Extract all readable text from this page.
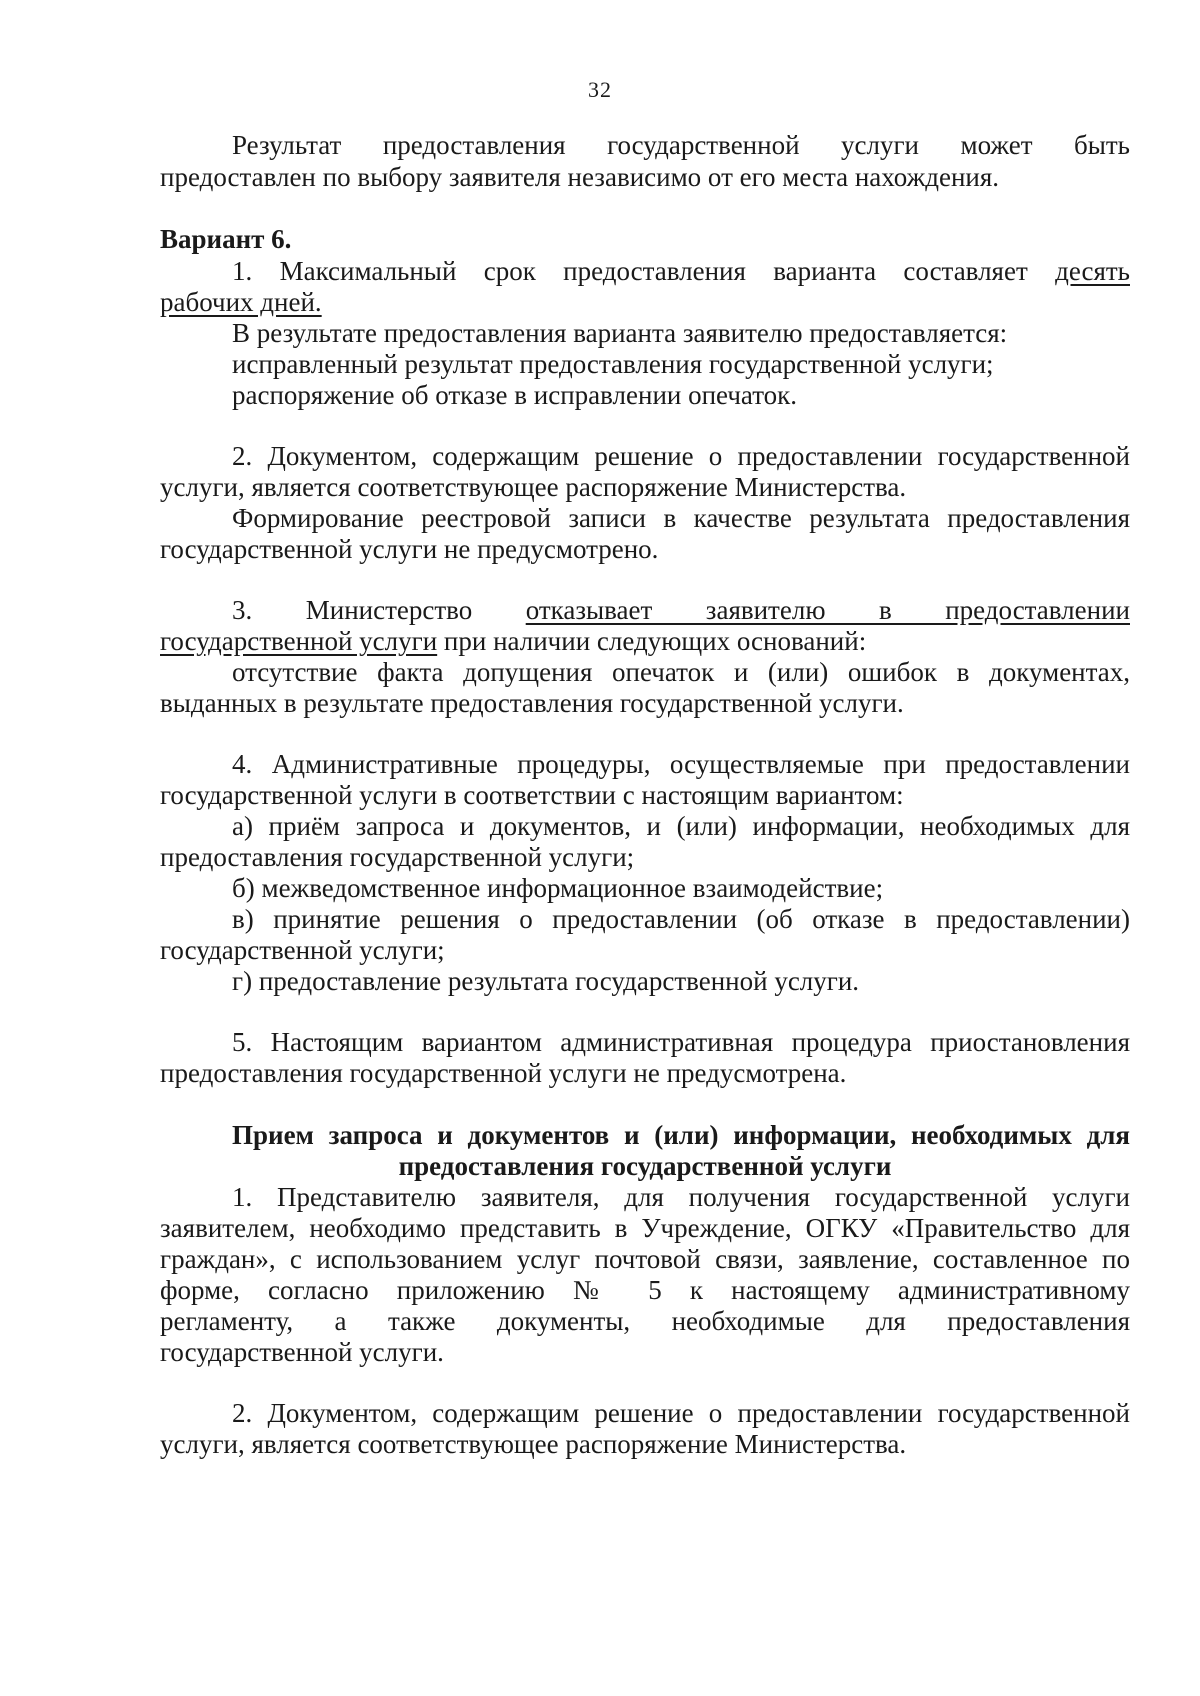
32

Результат предоставления государственной услуги может быть

предоставлен по выбору заявителя независимо от его места нахождения.

Вариант 6.

1. Максимальный срок предоставления варианта составляет десять

рабочих дней.

В результате предоставления варианта заявителю предоставляется:

исправленный результат предоставления государственной услуги;

распоряжение об отказе в исправлении опечаток.

2. Документом, содержащим решение о предоставлении государственной

услуги, является соответствующее распоряжение Министерства.

Формирование реестровой записи в качестве результата предоставления

государственной услуги не предусмотрено.

3. Министерство отказывает заявителю в предоставлении

государственной услуги при наличии следующих оснований:

отсутствие факта допущения опечаток и (или) ошибок в документах,

выданных в результате предоставления государственной услуги.

4. Административные процедуры, осуществляемые при предоставлении

государственной услуги в соответствии с настоящим вариантом:

а) приём запроса и документов, и (или) информации, необходимых для

предоставления государственной услуги;

б) межведомственное информационное взаимодействие;

в) принятие решения о предоставлении (об отказе в предоставлении)

государственной услуги;

г) предоставление результата государственной услуги.

5. Настоящим вариантом административная процедура приостановления

предоставления государственной услуги не предусмотрена.

Прием запроса и документов и (или) информации, необходимых для

предоставления государственной услуги

1. Представителю заявителя, для получения государственной услуги

заявителем, необходимо представить в Учреждение, ОГКУ «Правительство для

граждан», с использованием услуг почтовой связи, заявление, составленное по

форме, согласно приложению № 5 к настоящему административному

регламенту, а также документы, необходимые для предоставления

государственной услуги.

2. Документом, содержащим решение о предоставлении государственной

услуги, является соответствующее распоряжение Министерства.
